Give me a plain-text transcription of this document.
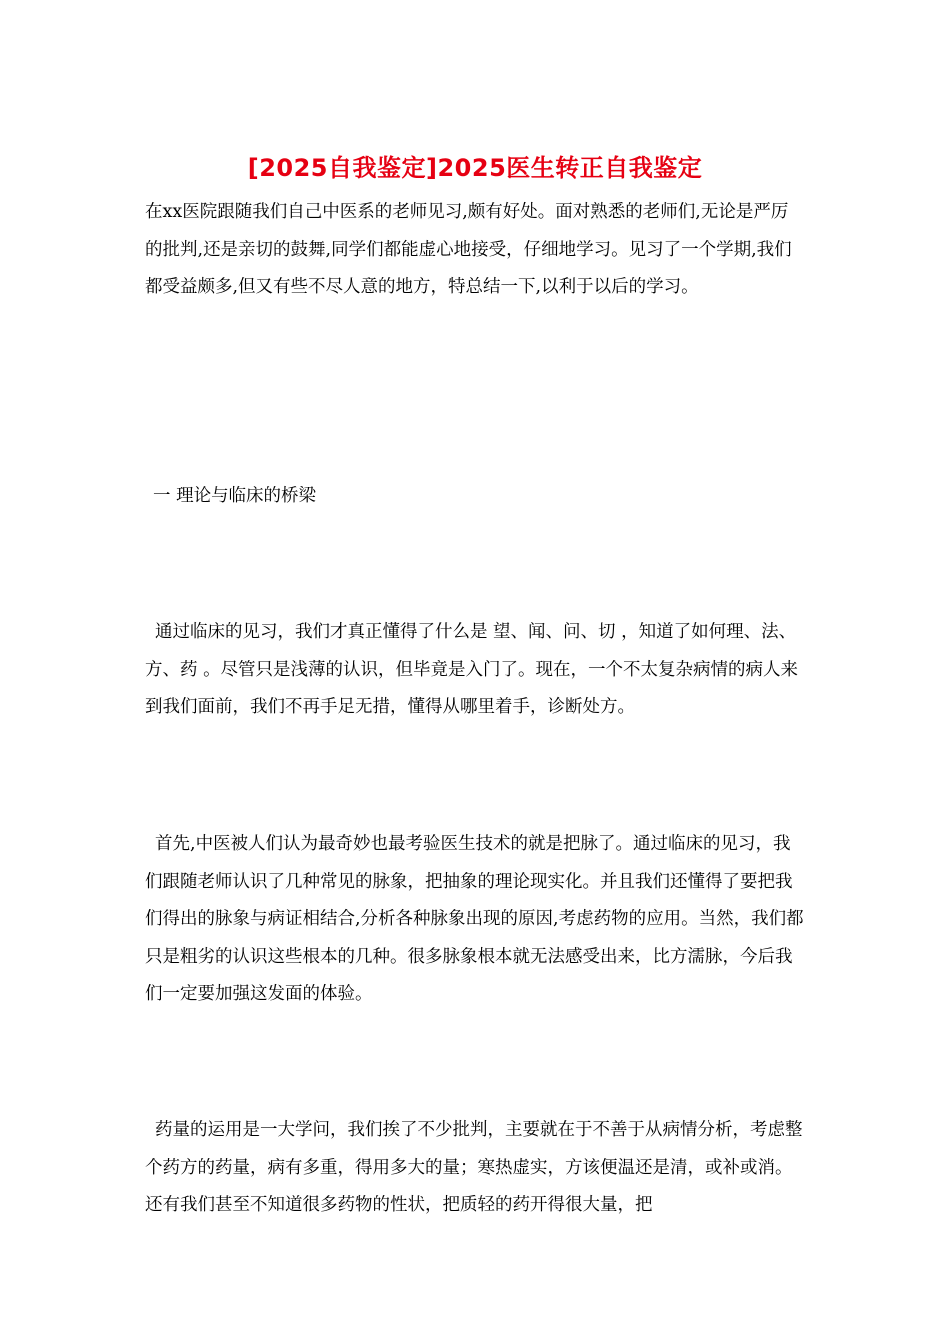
[2025自我鉴定]2025医生转正自我鉴定

在xx医院跟随我们自己中医系的老师见习,颇有好处。面对熟悉的老师们,无论是严厉的批判,还是亲切的鼓舞,同学们都能虚心地接受，仔细地学习。见习了一个学期,我们都受益颇多,但又有些不尽人意的地方，特总结一下,以利于以后的学习。

一 理论与临床的桥梁

通过临床的见习，我们才真正懂得了什么是 望、闻、问、切 ，知道了如何理、法、方、药 。尽管只是浅薄的认识，但毕竟是入门了。现在，一个不太复杂病情的病人来到我们面前，我们不再手足无措，懂得从哪里着手，诊断处方。

首先,中医被人们认为最奇妙也最考验医生技术的就是把脉了。通过临床的见习，我们跟随老师认识了几种常见的脉象，把抽象的理论现实化。并且我们还懂得了要把我们得出的脉象与病证相结合,分析各种脉象出现的原因,考虑药物的应用。当然，我们都只是粗劣的认识这些根本的几种。很多脉象根本就无法感受出来，比方濡脉，今后我们一定要加强这发面的体验。

药量的运用是一大学问，我们挨了不少批判，主要就在于不善于从病情分析，考虑整个药方的药量，病有多重，得用多大的量；寒热虚实，方该便温还是清，或补或消。还有我们甚至不知道很多药物的性状，把质轻的药开得很大量，把
